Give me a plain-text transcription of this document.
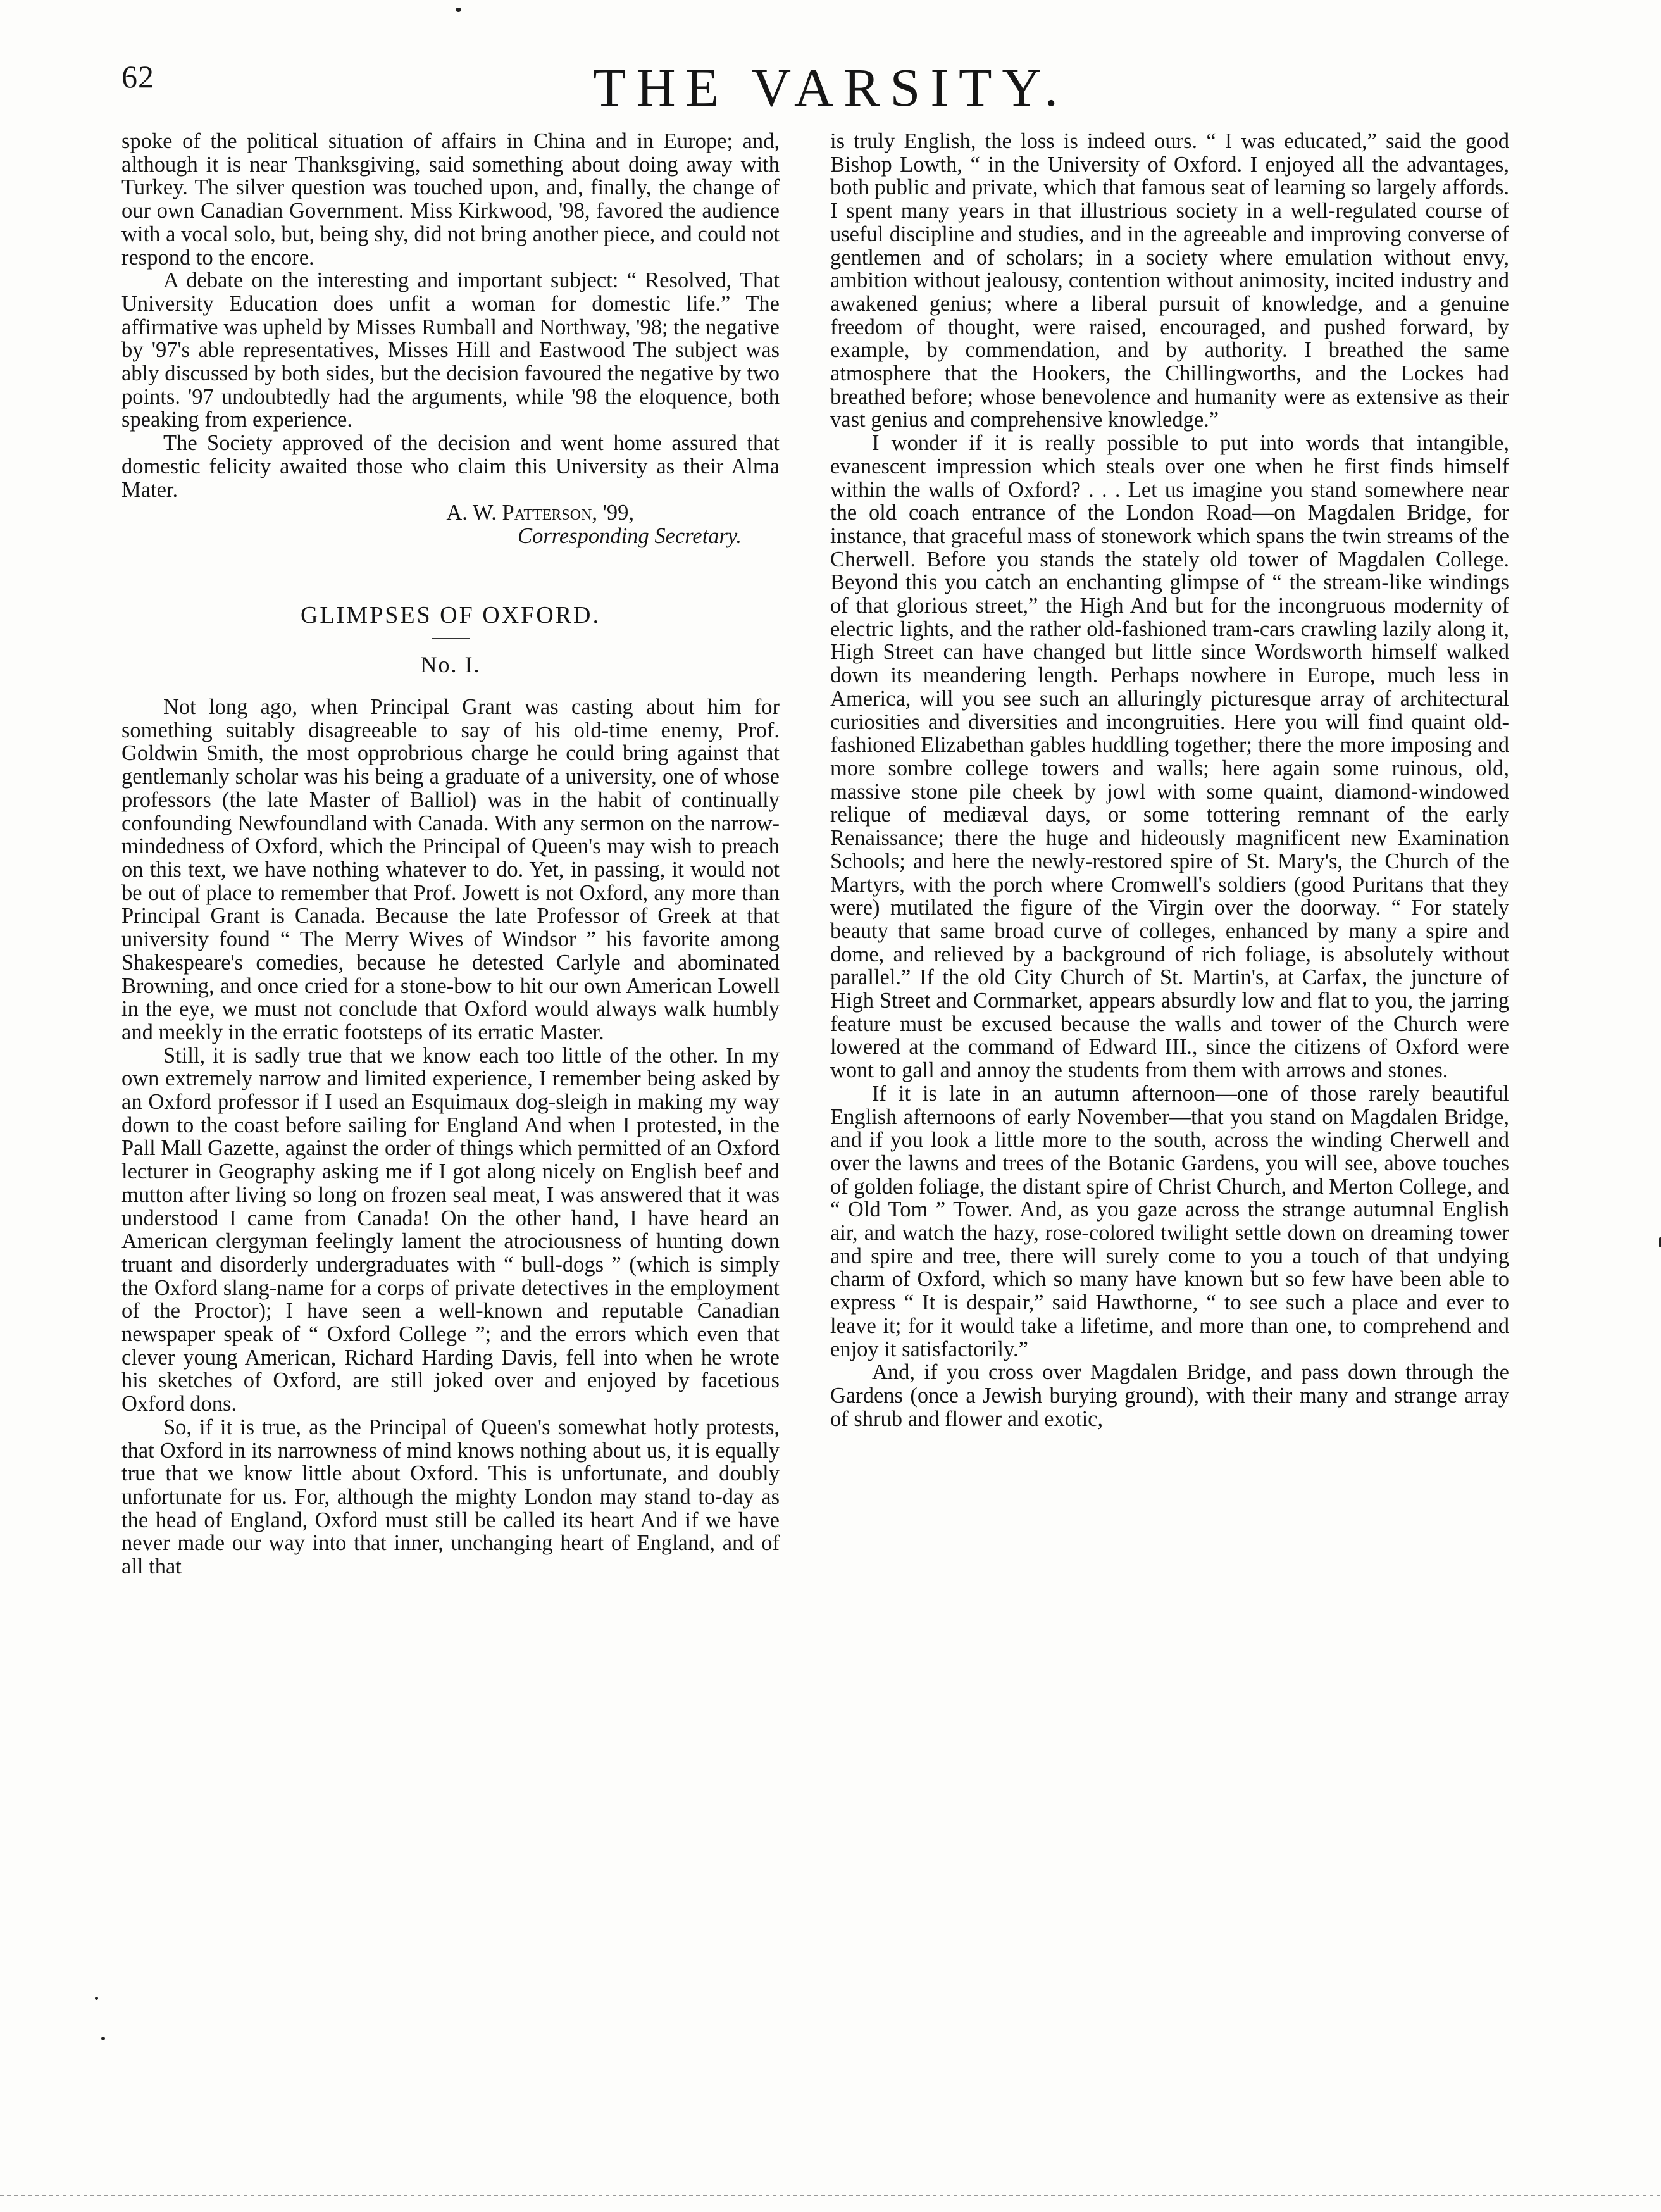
62	THE VARSITY.

spoke of the political situation of affairs in China and in Europe; and, although it is near Thanksgiving, said something about doing away with Turkey. The silver question was touched upon, and, finally, the change of our own Canadian Government. Miss Kirkwood, '98, favored the audience with a vocal solo, but, being shy, did not bring another piece, and could not respond to the encore.

A debate on the interesting and important subject: “ Resolved, That University Education does unfit a woman for domestic life.” The affirmative was upheld by Misses Rumball and Northway, '98; the negative by '97's able representatives, Misses Hill and Eastwood The subject was ably discussed by both sides, but the decision favoured the negative by two points. '97 undoubtedly had the arguments, while '98 the eloquence, both speaking from experience.

The Society approved of the decision and went home assured that domestic felicity awaited those who claim this University as their Alma Mater.

A. W. Patterson, '99,
Corresponding Secretary.

GLIMPSES OF OXFORD.
No. I.

Not long ago, when Principal Grant was casting about him for something suitably disagreeable to say of his old-time enemy, Prof. Goldwin Smith, the most opprobrious charge he could bring against that gentlemanly scholar was his being a graduate of a university, one of whose professors (the late Master of Balliol) was in the habit of continually confounding Newfoundland with Canada. With any sermon on the narrow-mindedness of Oxford, which the Principal of Queen's may wish to preach on this text, we have nothing whatever to do. Yet, in passing, it would not be out of place to remember that Prof. Jowett is not Oxford, any more than Principal Grant is Canada. Because the late Professor of Greek at that university found “ The Merry Wives of Windsor ” his favorite among Shakespeare's comedies, because he detested Carlyle and abominated Browning, and once cried for a stone-bow to hit our own American Lowell in the eye, we must not conclude that Oxford would always walk humbly and meekly in the erratic footsteps of its erratic Master.

Still, it is sadly true that we know each too little of the other. In my own extremely narrow and limited experience, I remember being asked by an Oxford professor if I used an Esquimaux dog-sleigh in making my way down to the coast before sailing for England And when I protested, in the Pall Mall Gazette, against the order of things which permitted of an Oxford lecturer in Geography asking me if I got along nicely on English beef and mutton after living so long on frozen seal meat, I was answered that it was understood I came from Canada! On the other hand, I have heard an American clergyman feelingly lament the atrociousness of hunting down truant and disorderly undergraduates with “ bull-dogs ” (which is simply the Oxford slang-name for a corps of private detectives in the employment of the Proctor); I have seen a well-known and reputable Canadian newspaper speak of “ Oxford College ”; and the errors which even that clever young American, Richard Harding Davis, fell into when he wrote his sketches of Oxford, are still joked over and enjoyed by facetious Oxford dons.

So, if it is true, as the Principal of Queen's somewhat hotly protests, that Oxford in its narrowness of mind knows nothing about us, it is equally true that we know little about Oxford. This is unfortunate, and doubly unfortunate for us. For, although the mighty London may stand to-day as the head of England, Oxford must still be called its heart And if we have never made our way into that inner, unchanging heart of England, and of all that

is truly English, the loss is indeed ours. “ I was educated,” said the good Bishop Lowth, “ in the University of Oxford. I enjoyed all the advantages, both public and private, which that famous seat of learning so largely affords. I spent many years in that illustrious society in a well-regulated course of useful discipline and studies, and in the agreeable and improving converse of gentlemen and of scholars; in a society where emulation without envy, ambition without jealousy, contention without animosity, incited industry and awakened genius; where a liberal pursuit of knowledge, and a genuine freedom of thought, were raised, encouraged, and pushed forward, by example, by commendation, and by authority. I breathed the same atmosphere that the Hookers, the Chillingworths, and the Lockes had breathed before; whose benevolence and humanity were as extensive as their vast genius and comprehensive knowledge.”

I wonder if it is really possible to put into words that intangible, evanescent impression which steals over one when he first finds himself within the walls of Oxford? . . . Let us imagine you stand somewhere near the old coach entrance of the London Road—on Magdalen Bridge, for instance, that graceful mass of stonework which spans the twin streams of the Cherwell. Before you stands the stately old tower of Magdalen College. Beyond this you catch an enchanting glimpse of “ the stream-like windings of that glorious street,” the High And but for the incongruous modernity of electric lights, and the rather old-fashioned tram-cars crawling lazily along it, High Street can have changed but little since Wordsworth himself walked down its meandering length. Perhaps nowhere in Europe, much less in America, will you see such an alluringly picturesque array of architectural curiosities and diversities and incongruities. Here you will find quaint old-fashioned Elizabethan gables huddling together; there the more imposing and more sombre college towers and walls; here again some ruinous, old, massive stone pile cheek by jowl with some quaint, diamond-windowed relique of mediæval days, or some tottering remnant of the early Renaissance; there the huge and hideously magnificent new Examination Schools; and here the newly-restored spire of St. Mary's, the Church of the Martyrs, with the porch where Cromwell's soldiers (good Puritans that they were) mutilated the figure of the Virgin over the doorway. “ For stately beauty that same broad curve of colleges, enhanced by many a spire and dome, and relieved by a background of rich foliage, is absolutely without parallel.” If the old City Church of St. Martin's, at Carfax, the juncture of High Street and Cornmarket, appears absurdly low and flat to you, the jarring feature must be excused because the walls and tower of the Church were lowered at the command of Edward III., since the citizens of Oxford were wont to gall and annoy the students from them with arrows and stones.

If it is late in an autumn afternoon—one of those rarely beautiful English afternoons of early November—that you stand on Magdalen Bridge, and if you look a little more to the south, across the winding Cherwell and over the lawns and trees of the Botanic Gardens, you will see, above touches of golden foliage, the distant spire of Christ Church, and Merton College, and “ Old Tom ” Tower. And, as you gaze across the strange autumnal English air, and watch the hazy, rose-colored twilight settle down on dreaming tower and spire and tree, there will surely come to you a touch of that undying charm of Oxford, which so many have known but so few have been able to express “ It is despair,” said Hawthorne, “ to see such a place and ever to leave it; for it would take a lifetime, and more than one, to comprehend and enjoy it satisfactorily.”

And, if you cross over Magdalen Bridge, and pass down through the Gardens (once a Jewish burying ground), with their many and strange array of shrub and flower and exotic,
